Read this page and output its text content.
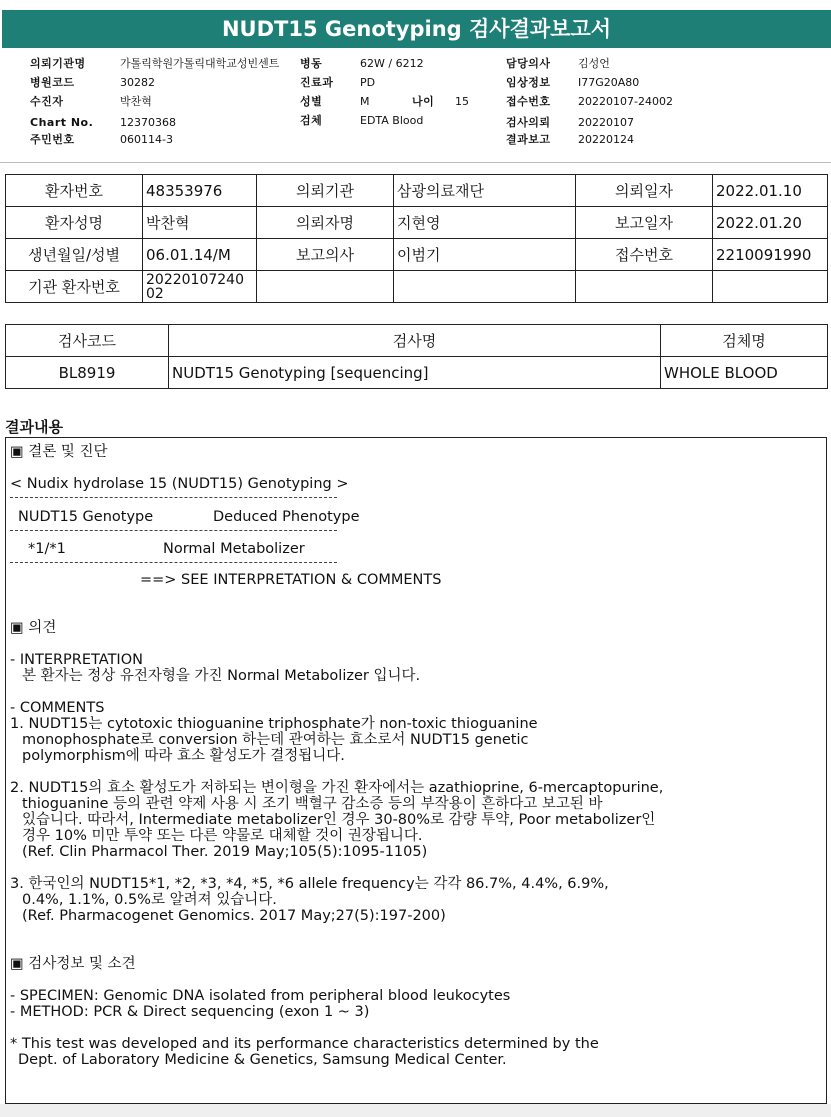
NUDT15 Genotyping 검사결과보고서
의뢰기관명	가톨릭학원가톨릭대학교성빈센트 병동	62W / 6212	담당의사 김성언
병원코드	30282	진료과 PD	임상정보 I77G20A80
수진자	박찬혁	성별	M	나이 15	접수번호 20220107-24002
Chart No. 12370368	검체	EDTA Blood	검사의뢰 20220107
주민번호	060114-3	결과보고 20220124
환자번호	48353976	의뢰기관	삼광의료재단	의뢰일자	2022.01.10
환자성명	박찬혁	의뢰자명	지현영	보고일자	2022.01.20
생년월일/성별	06.01.14/M	보고의사	이범기	접수번호	2210091990
기관 환자번호	20220107240
02				
검사코드	검사명	검체명
BL8919	NUDT15 Genotyping [sequencing]	WHOLE BLOOD
결과내용
▣ 결론 및 진단
< Nudix hydrolase 15 (NUDT15) Genotyping >
NUDT15 Genotype	Deduced Phenotype
*1/*1	Normal Metabolizer
==> SEE INTERPRETATION & COMMENTS
▣ 의견
- INTERPRETATION
본 환자는 정상 유전자형을 가진 Normal Metabolizer 입니다.
- COMMENTS
1. NUDT15는 cytotoxic thioguanine triphosphate가 non-toxic thioguanine
monophosphate로 conversion 하는데 관여하는 효소로서 NUDT15 genetic
polymorphism에 따라 효소 활성도가 결정됩니다.
2. NUDT15의 효소 활성도가 저하되는 변이형을 가진 환자에서는 azathioprine, 6-mercaptopurine,
thioguanine 등의 관련 약제 사용 시 조기 백혈구 감소증 등의 부작용이 흔하다고 보고된 바
있습니다. 따라서, Intermediate metabolizer인 경우 30-80%로 감량 투약, Poor metabolizer인
경우 10% 미만 투약 또는 다른 약물로 대체할 것이 권장됩니다.
(Ref. Clin Pharmacol Ther. 2019 May;105(5):1095-1105)
3. 한국인의 NUDT15*1, *2, *3, *4, *5, *6 allele frequency는 각각 86.7%, 4.4%, 6.9%,
0.4%, 1.1%, 0.5%로 알려져 있습니다.
(Ref. Pharmacogenet Genomics. 2017 May;27(5):197-200)
▣ 검사정보 및 소견
- SPECIMEN: Genomic DNA isolated from peripheral blood leukocytes
- METHOD: PCR & Direct sequencing (exon 1 ~ 3)
* This test was developed and its performance characteristics determined by the
Dept. of Laboratory Medicine & Genetics, Samsung Medical Center.
